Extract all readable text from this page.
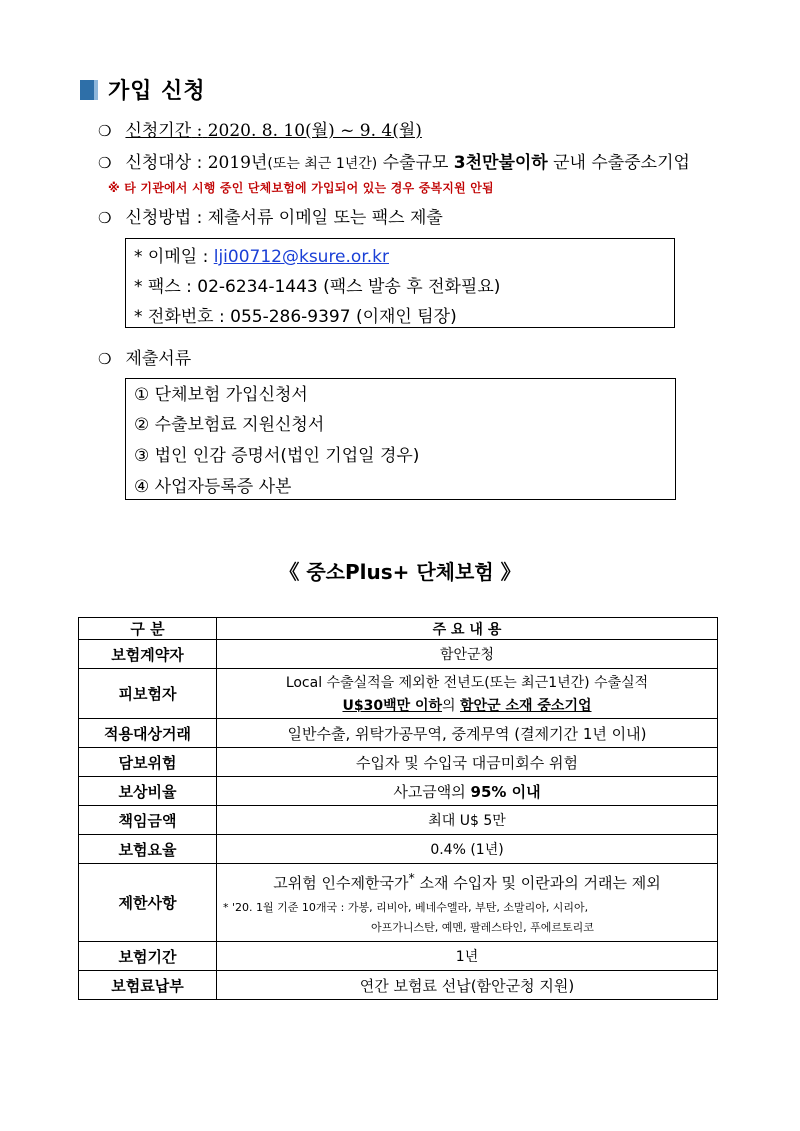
가입 신청
❍ 신청기간
:
2020. 8. 10(월) ~ 9. 4(월)
❍ 신청대상
:
2019년 (또는 최근 1년간) 수출규모 3천만불이하 군내 수출중소기업
※ 타 기관에서 시행 중인 단체보험에 가입되어 있는 경우 중복지원 안됨
❍ 신청방법
:
제출서류 이메일 또는 팩스 제출
* 이메일 : lji00712@ksure.or.kr
* 팩스 : 02-6234-1443 (팩스 발송 후 전화필요)
* 전화번호 : 055-286-9397 (이재인 팀장)
❍ 제출서류
① 단체보험 가입신청서
② 수출보험료 지원신청서
③ 법인 인감 증명서(법인 기업일 경우)
④ 사업자등록증 사본
《 중소Plus+ 단체보험 》
구 분	주 요 내 용
보험계약자	함안군청
피보험자	Local 수출실적을 제외한 전년도(또는 최근1년간) 수출실적
U$30백만 이하의 함안군 소재 중소기업

적용대상거래	일반수출, 위탁가공무역, 중계무역 (결제기간 1년 이내)
담보위험	수입자 및 수입국 대금미회수 위험
보상비율	사고금액의 95% 이내
책임금액	최대 U$ 5만
보험요율	0.4% (1년)
제한사항	고위험 인수제한국가* 소재 수입자 및 이란과의 거래는 제외
* '20. 1월 기준 10개국 : 가봉, 리비아, 베네수엘라, 부탄, 소말리아, 시리아,
아프가니스탄, 예멘, 팔레스타인, 푸에르토리코

보험기간	1년
보험료납부	연간 보험료 선납(함안군청 지원)
